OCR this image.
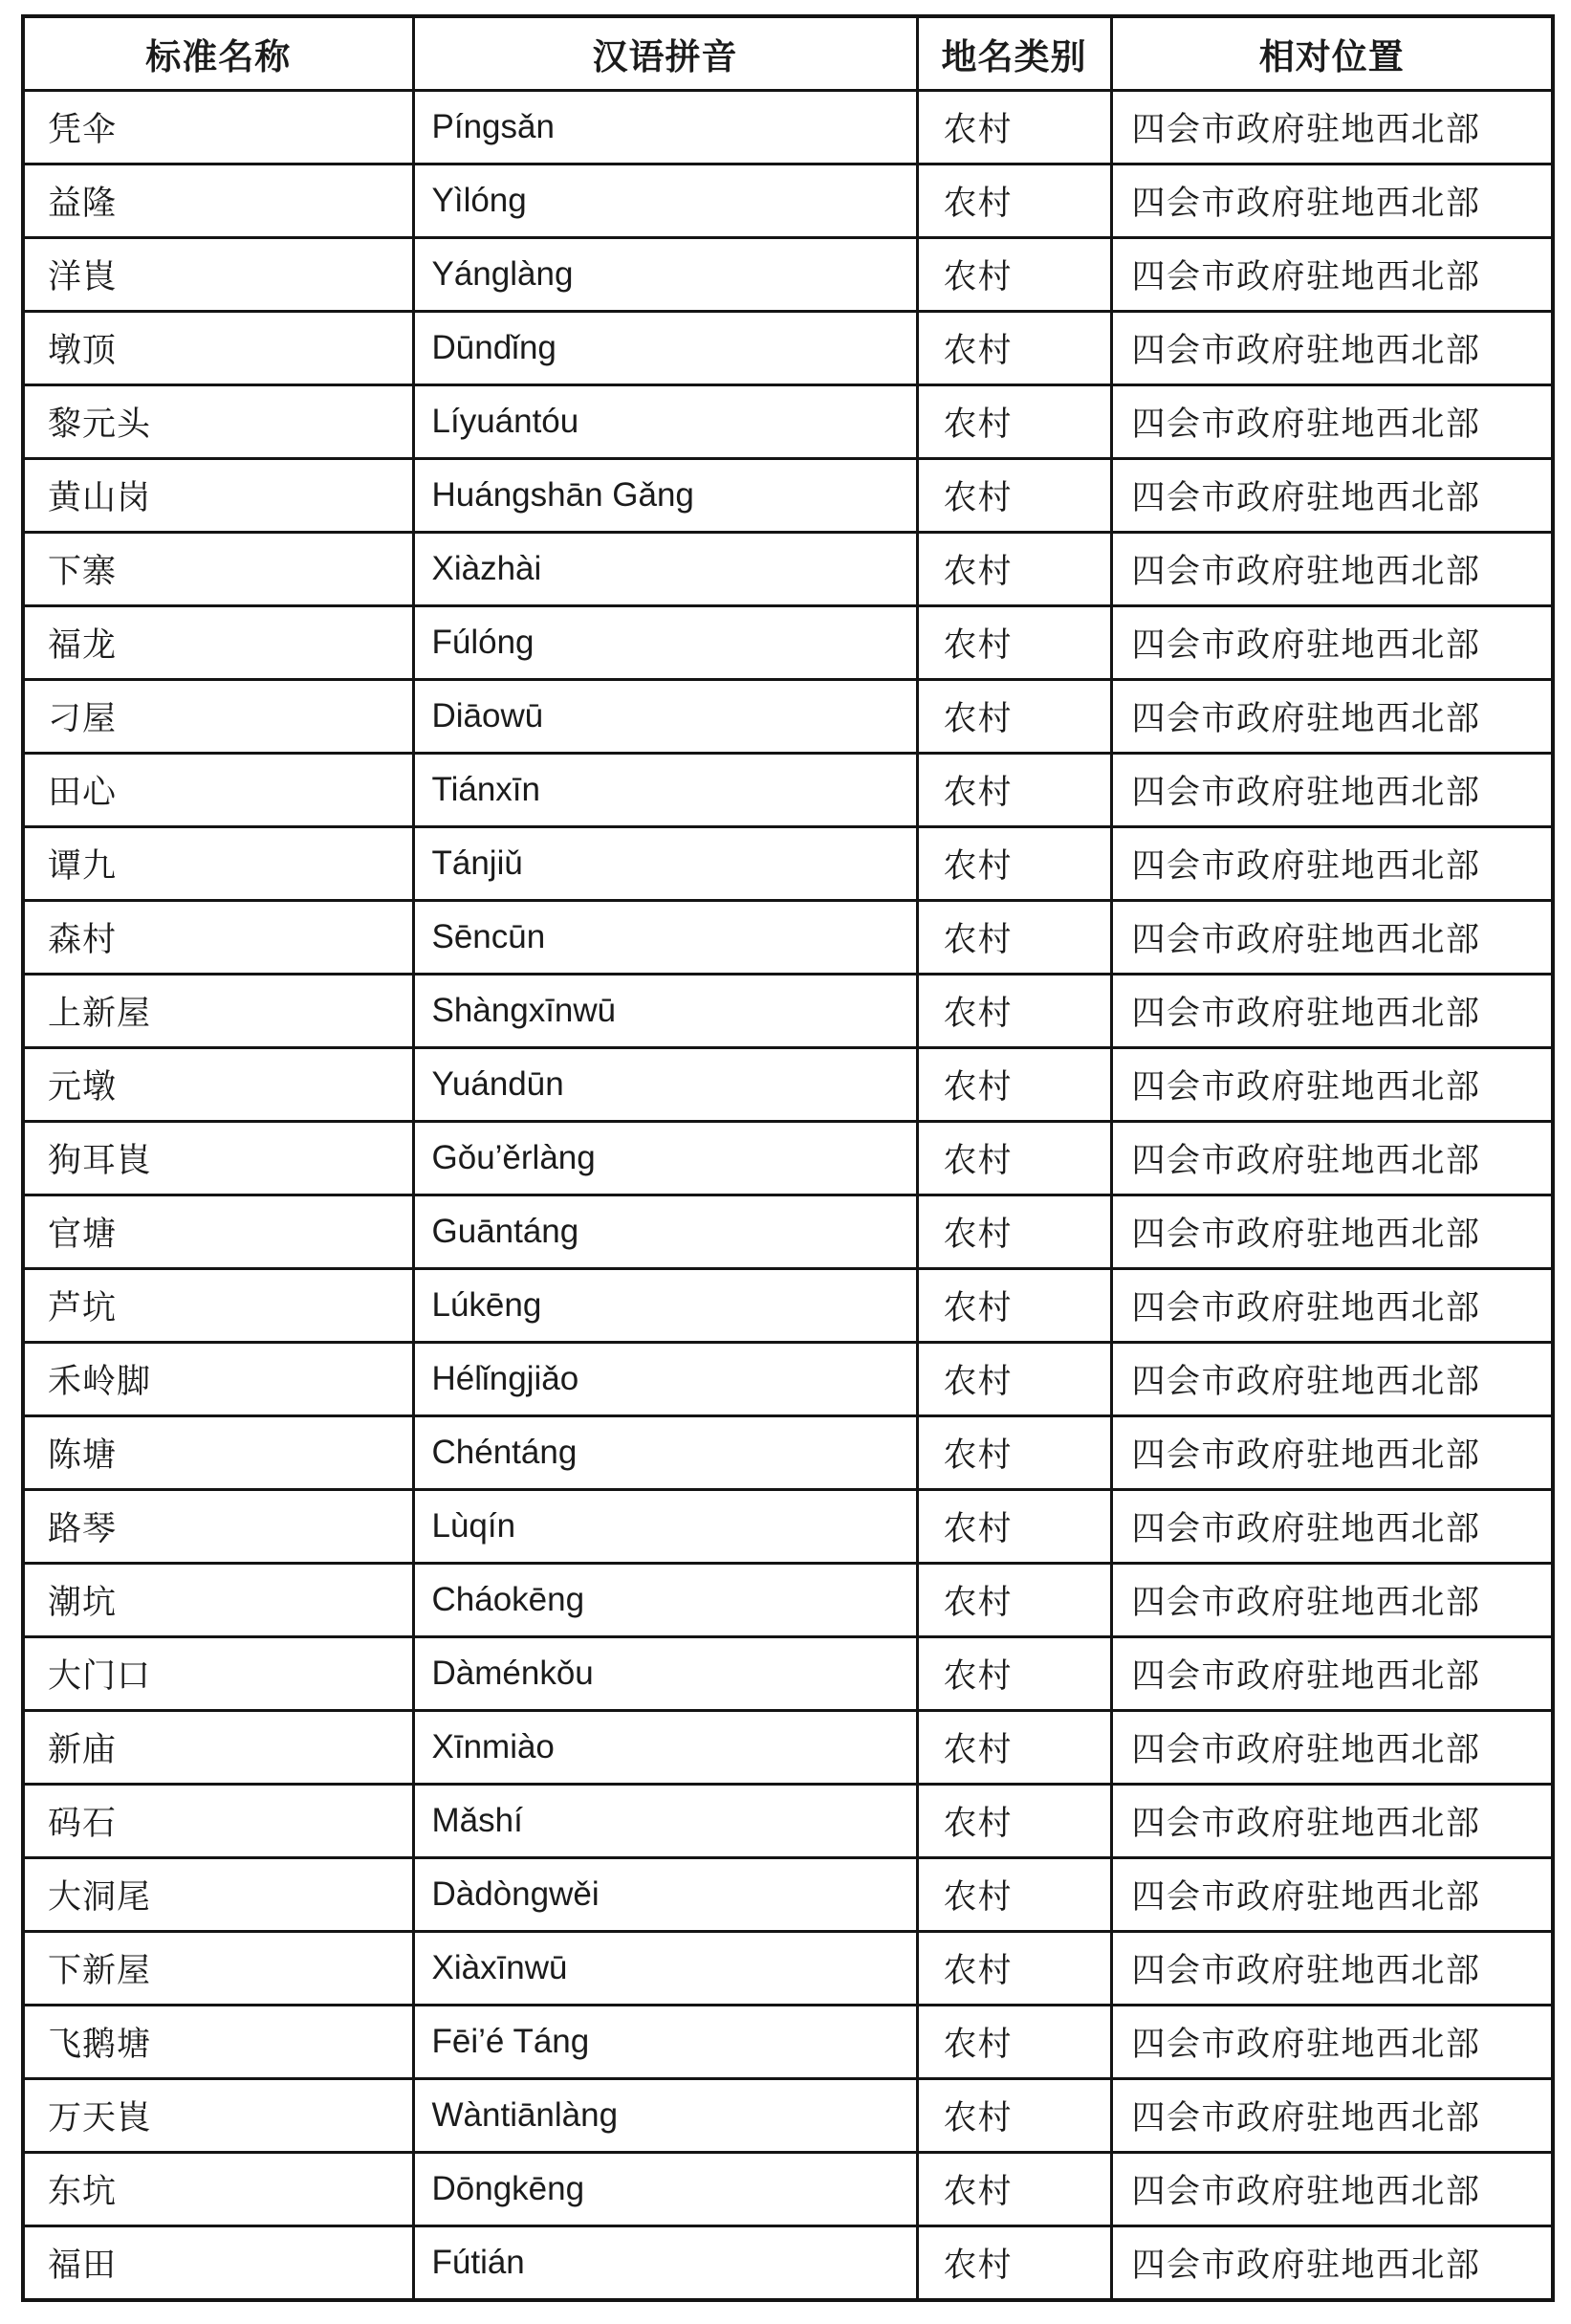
标准名称	汉语拼音	地名类别	相对位置
凭伞	Píngsǎn	农村	四会市政府驻地西北部
益隆	Yìlóng	农村	四会市政府驻地西北部
洋崀	Yánglàng	农村	四会市政府驻地西北部
墩顶	Dūndǐng	农村	四会市政府驻地西北部
黎元头	Líyuántóu	农村	四会市政府驻地西北部
黄山岗	Huángshān Gǎng	农村	四会市政府驻地西北部
下寨	Xiàzhài	农村	四会市政府驻地西北部
福龙	Fúlóng	农村	四会市政府驻地西北部
刁屋	Diāowū	农村	四会市政府驻地西北部
田心	Tiánxīn	农村	四会市政府驻地西北部
谭九	Tánjiǔ	农村	四会市政府驻地西北部
森村	Sēncūn	农村	四会市政府驻地西北部
上新屋	Shàngxīnwū	农村	四会市政府驻地西北部
元墩	Yuándūn	农村	四会市政府驻地西北部
狗耳崀	Gǒu’ěrlàng	农村	四会市政府驻地西北部
官塘	Guāntáng	农村	四会市政府驻地西北部
芦坑	Lúkēng	农村	四会市政府驻地西北部
禾岭脚	Hélǐngjiǎo	农村	四会市政府驻地西北部
陈塘	Chéntáng	农村	四会市政府驻地西北部
路琴	Lùqín	农村	四会市政府驻地西北部
潮坑	Cháokēng	农村	四会市政府驻地西北部
大门口	Dàménkǒu	农村	四会市政府驻地西北部
新庙	Xīnmiào	农村	四会市政府驻地西北部
码石	Mǎshí	农村	四会市政府驻地西北部
大洞尾	Dàdòngwěi	农村	四会市政府驻地西北部
下新屋	Xiàxīnwū	农村	四会市政府驻地西北部
飞鹅塘	Fēi’é Táng	农村	四会市政府驻地西北部
万天崀	Wàntiānlàng	农村	四会市政府驻地西北部
东坑	Dōngkēng	农村	四会市政府驻地西北部
福田	Fútián	农村	四会市政府驻地西北部
